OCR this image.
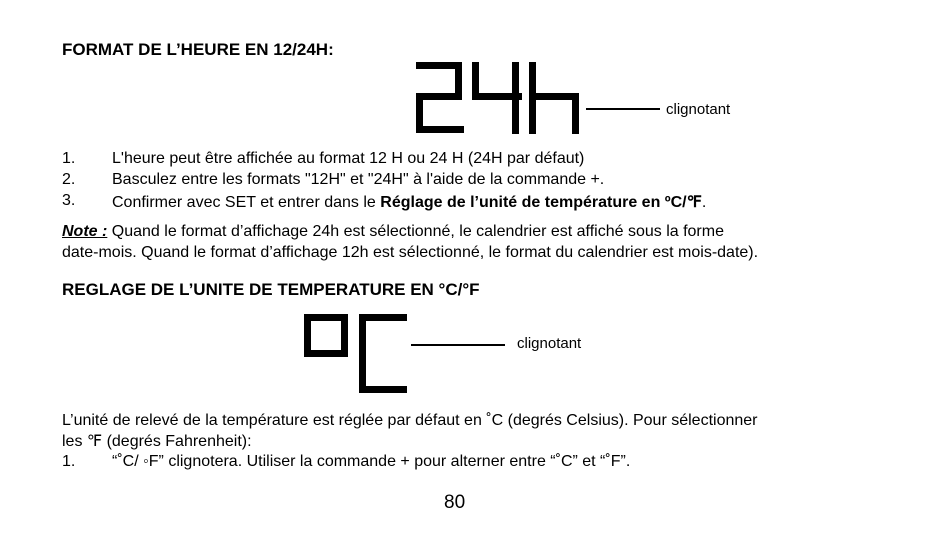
FORMAT DE L’HEURE EN 12/24H:
clignotant
1. L'heure peut être affichée au format 12 H ou 24 H (24H par défaut)
2. Basculez entre les formats "12H" et "24H" à l'aide de la commande +.
3. Confirmer avec SET et entrer dans le Réglage de l’unité de température en ºC/℉.
Note : Quand le format d’affichage 24h est sélectionné, le calendrier est affiché sous la forme
date-mois. Quand le format d’affichage 12h est sélectionné, le format du calendrier est mois-date).
REGLAGE DE L’UNITE DE TEMPERATURE EN °C/°F
clignotant
L’unité de relevé de la température est réglée par défaut en ˚C (degrés Celsius). Pour sélectionner
les ℉ (degrés Fahrenheit):
1. “˚C/ ◦F” clignotera. Utiliser la commande + pour alterner entre “˚C” et “˚F”.
80
